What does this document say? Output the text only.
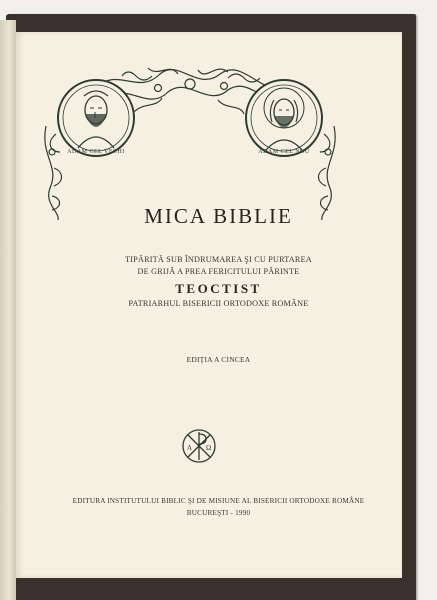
ADAM CEL VECHI	ADAM CEL NOU
MICA BIBLIE
TIPĂRITĂ SUB ÎNDRUMAREA ŞI CU PURTAREA
DE GRIJĂ A PREA FERICITULUI PĂRINTE
TEOCTIST
PATRIARHUL BISERICII ORTODOXE ROMÂNE
EDIŢIA A CINCEA
A Ω
EDITURA INSTITUTULUI BIBLIC ŞI DE MISIUNE AL BISERICII ORTODOXE ROMÂNE
BUCUREŞTI - 1990
